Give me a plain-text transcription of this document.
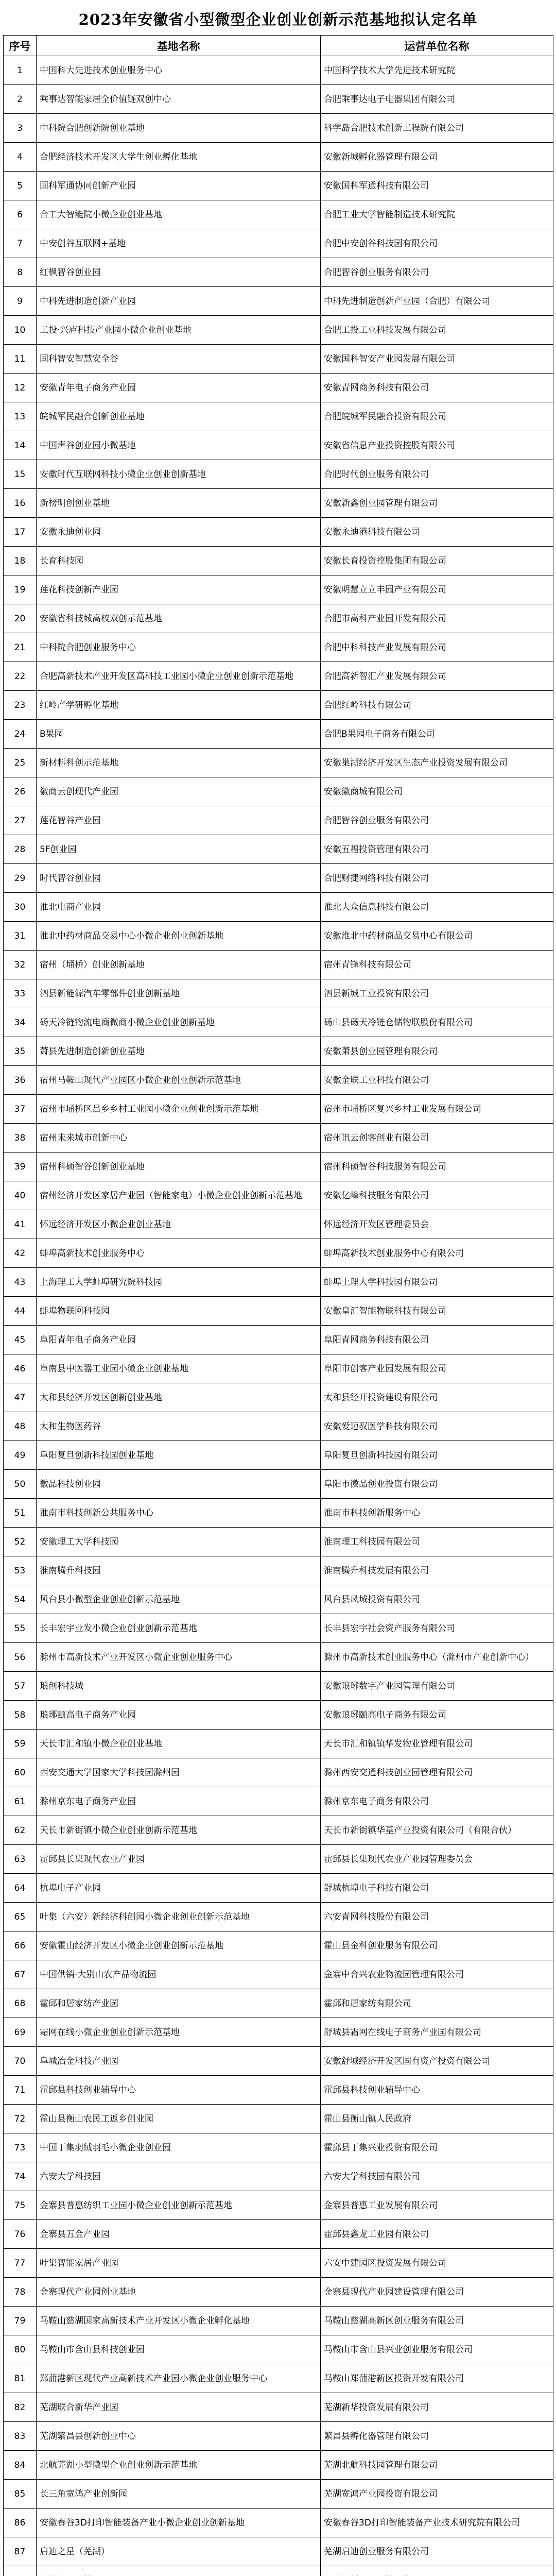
2023年安徽省小型微型企业创业创新示范基地拟认定名单
序号	基地名称	运营单位名称
1	中国科大先进技术创业服务中心	中国科学技术大学先进技术研究院
2	乘事达智能家居全价值链双创中心	合肥乘事达电子电器集团有限公司
3	中科院合肥创新院创业基地	科学岛合肥技术创新工程院有限公司
4	合肥经济技术开发区大学生创业孵化基地	安徽新城孵化器管理有限公司
5	国科军通协同创新产业园	安徽国科军通科技有限公司
6	合工大智能院小微企业创业基地	合肥工业大学智能制造技术研究院
7	中安创谷互联网+基地	合肥中安创谷科技园有限公司
8	红枫智谷创业园	合肥智谷创业服务有限公司
9	中科先进制造创新产业园	中科先进制造创新产业园（合肥）有限公司
10	工投·兴庐科技产业园小微企业创业基地	合肥工投工业科技发展有限公司
11	国科智安智慧安全谷	安徽国科智安产业园发展有限公司
12	安徽青年电子商务产业园	安徽青网商务科技有限公司
13	皖城军民融合创新创业基地	合肥皖城军民融合投资有限公司
14	中国声谷创业园小微基地	安徽省信息产业投资控股有限公司
15	安徽时代互联网科技小微企业创业创新基地	合肥时代创业服务有限公司
16	新榜明创创业基地	安徽新鑫创业园管理有限公司
17	安徽永迪创业园	安徽永迪港科技有限公司
18	长育科技园	安徽长育投资控股集团有限公司
19	莲花科技创新产业园	安徽明慧立立丰园产业有限公司
20	安徽省科技城高校双创示范基地	合肥市高科产业园开发有限公司
21	中科院合肥创业服务中心	合肥中科科技产业发展有限公司
22	合肥高新技术产业开发区高科技工业园小微企业创业创新示范基地	合肥高新智汇产业发展有限公司
23	红岭产学研孵化基地	合肥红岭科技有限公司
24	B果园	合肥B果园电子商务有限公司
25	新材料科创示范基地	安徽巢湖经济开发区生态产业投资发展有限公司
26	徽商云创现代产业园	安徽徽商城有限公司
27	莲花智谷产业园	合肥智谷创业服务有限公司
28	5F创业园	安徽五福投资管理有限公司
29	时代智谷创业园	合肥财捷网络科技有限公司
30	淮北电商产业园	淮北大众信息科技有限公司
31	淮北中药材商品交易中心小微企业创业创新基地	安徽淮北中药材商品交易中心有限公司
32	宿州（埇桥）创业创新基地	宿州青锋科技有限公司
33	泗县新能源汽车零部件创业创新基地	泗县新城工业投资有限公司
34	砀天冷链物流电商微商小微企业创业创新基地	砀山县砀天冷链仓储物联股份有限公司
35	萧县先进制造创新创业基地	安徽萧县创业园管理有限公司
36	宿州马鞍山现代产业园区小微企业创业创新示范基地	安徽金联工业科技有限公司
37	宿州市埇桥区吕乡乡村工业园小微企业创业创新示范基地	宿州市埇桥区复兴乡村工业发展有限公司
38	宿州未来城市创新中心	宿州讯云创客创业有限公司
39	宿州科硕智谷创新创业基地	宿州科硕智谷科技服务有限公司
40	宿州经济开发区家居产业园（智能家电）小微企业创业创新示范基地	安徽亿峰科技服务有限公司
41	怀远经济开发区小微企业创业基地	怀远经济开发区管理委员会
42	蚌埠高新技术创业服务中心	蚌埠高新技术创业服务中心有限公司
43	上海理工大学蚌埠研究院科技园	蚌埠上理大学科技园有限公司
44	蚌埠物联网科技园	安徽皇汇智能物联科技有限公司
45	阜阳青年电子商务产业园	阜阳青网商务科技有限公司
46	阜南县中医器工业园小微企业创业基地	阜阳市创客产业园发展有限公司
47	太和县经济开发区创新创业基地	太和县经开投资建设有限公司
48	太和生物医药谷	安徽爱迈驭医学科技有限公司
49	阜阳复旦创新科技园创业基地	阜阳复旦创新科技园有限公司
50	徽品科技创业园	阜阳市徽品创业投资有限公司
51	淮南市科技创新公共服务中心	淮南市科技创新服务中心
52	安徽理工大学科技园	淮南理工科技园有限公司
53	淮南腾升科技园	淮南腾升科技发展有限公司
54	风台县小微型企业创业创新示范基地	风台县凤城投资有限公司
55	长丰宏宇业发小微企业创业创新示范基地	长丰县宏宇社会资产服务有限公司
56	滁州市高新技术产业开发区小微企业创业服务中心	滁州市高新技术创业服务中心（滁州市产业创新中心）
57	琅创科技城	安徽琅琊数字产业园管理有限公司
58	琅琊颐高电子商务产业园	安徽琅琊颐高电子商务有限公司
59	天长市汇和镇小微企业创业基地	天长市汇和镇镇华发物业管理有限公司
60	西安交通大学国家大学科技园滁州园	滁州西安交通科技创业园管理有限公司
61	滁州京东电子商务产业园	滁州京东电子商务有限公司
62	天长市新街镇小微企业创业创新示范基地	天长市新街镇华基产业投资有限公司（有限合伙）
63	霍邱县长集现代农业产业园	霍邱县长集现代农业产业园管理委员会
64	杭埠电子产业园	舒城杭埠电子科技有限公司
65	叶集（六安）新经济科创园小微企业创业创新示范基地	六安青网科技股份有限公司
66	安徽霍山经济开发区小微企业创业创新示范基地	霍山县金科创业服务有限公司
67	中国供销·大别山农产品物流园	金寨中合兴农业物流园管理有限公司
68	霍邱和居家纺产业园	霍邱和居家纺有限公司
69	霜网在线小微企业创业创新示范基地	舒城县霜网在线电子商务产业园有限公司
70	阜城冶金科技产业园	安徽舒城经济开发区国有资产投资有限公司
71	霍邱县科技创业辅导中心	霍邱县科技创业辅导中心
72	霍山县衡山农民工返乡创业园	霍山县衡山镇人民政府
73	中国丁集羽绒羽毛小微企业创业园	霍邱县丁集兴业投资有限公司
74	六安大学科技园	六安大学科技园有限公司
75	金寨县普惠纺织工业园小微企业创业创新示范基地	金寨县普惠工业发展有限公司
76	金寨县五金产业园	霍邱县鑫龙工业园有限公司
77	叶集智能家居产业园	六安中建园区投资发展有限公司
78	金寨现代产业园创业基地	金寨县现代产业园建设管理有限公司
79	马鞍山慈湖国家高新技术产业开发区小微企业孵化基地	马鞍山慈湖高新区创业服务有限公司
80	马鞍山市含山县科技创业园	马鞍山市含山县兴业创业服务有限公司
81	郑蒲港新区现代产业高新技术产业园小微企业创业服务中心	马鞍山郑蒲港新区投资开发有限公司
82	芜湖联合新华产业园	芜湖新华投资发展有限公司
83	芜湖繁昌县创新创业中心	繁昌县孵化器管理有限公司
84	北航芜湖小型微型企业创业创新示范基地	芜湖北航科技园管理有限公司
85	长三角宽鸿产业创新园	芜湖宽鸿产业园投资有限公司
86	安徽春谷3D打印智能装备产业小微企业创业创新基地	安徽春谷3D打印智能装备产业技术研究院有限公司
87	启迪之星（芜湖）	芜湖启迪创业服务有限公司
